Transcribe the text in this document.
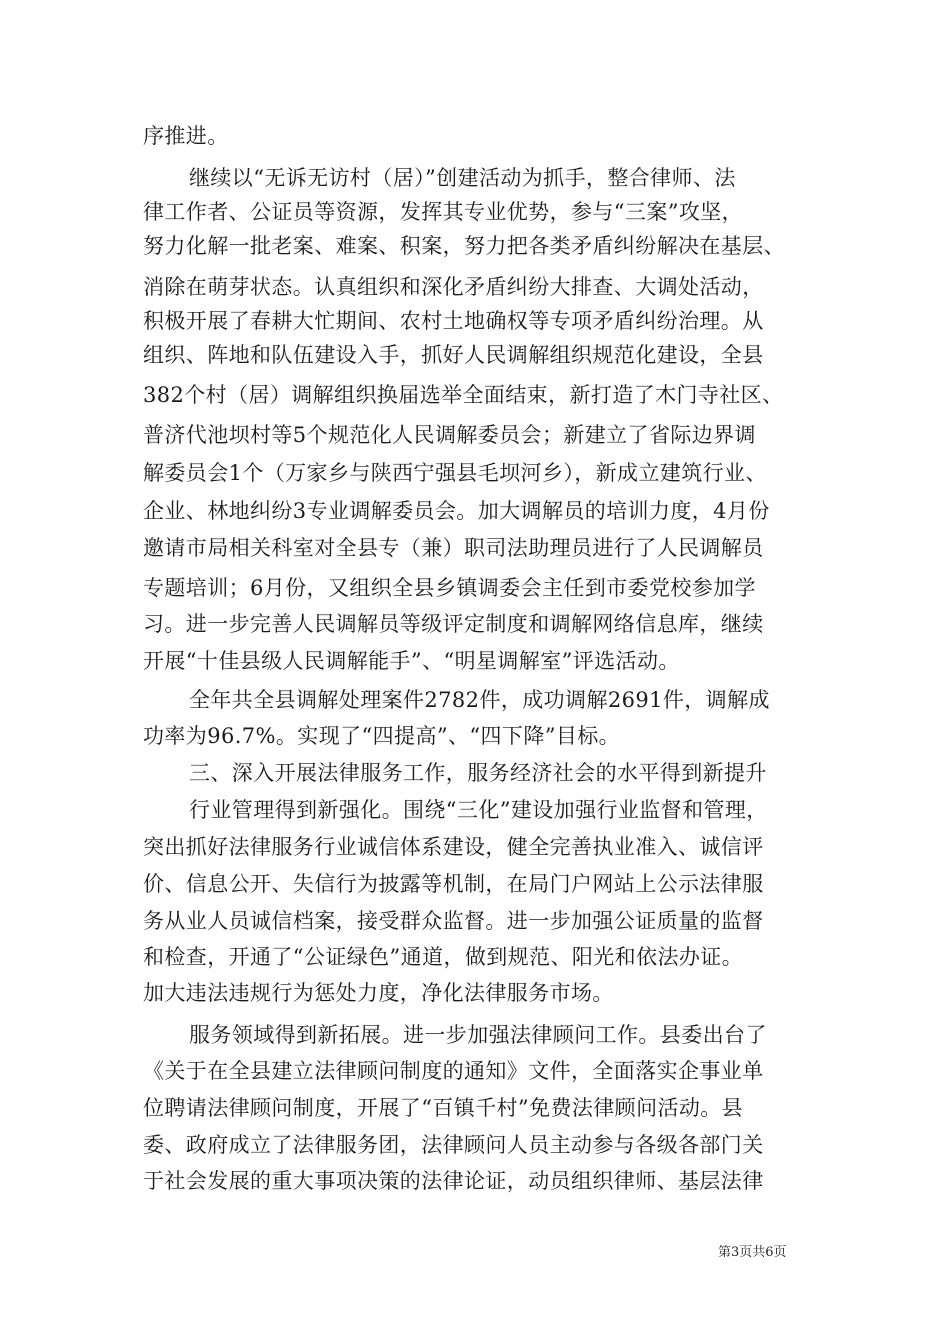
序推进。
继续以“无诉无访村（居）”创建活动为抓手，整合律师、法
律工作者、公证员等资源，发挥其专业优势，参与“三案”攻坚，
努力化解一批老案、难案、积案，努力把各类矛盾纠纷解决在基层、
消除在萌芽状态。认真组织和深化矛盾纠纷大排查、大调处活动，
积极开展了春耕大忙期间、农村土地确权等专项矛盾纠纷治理。从
组织、阵地和队伍建设入手，抓好人民调解组织规范化建设，全县
382个村（居）调解组织换届选举全面结束，新打造了木门寺社区、
普济代池坝村等5个规范化人民调解委员会；新建立了省际边界调
解委员会1个（万家乡与陕西宁强县毛坝河乡），新成立建筑行业、
企业、林地纠纷3专业调解委员会。加大调解员的培训力度，4月份
邀请市局相关科室对全县专（兼）职司法助理员进行了人民调解员
专题培训；6月份，又组织全县乡镇调委会主任到市委党校参加学
习。进一步完善人民调解员等级评定制度和调解网络信息库，继续
开展“十佳县级人民调解能手”、“明星调解室”评选活动。
全年共全县调解处理案件2782件，成功调解2691件，调解成
功率为96.7%。实现了“四提高”、“四下降”目标。
三、深入开展法律服务工作，服务经济社会的水平得到新提升
行业管理得到新强化。围绕“三化”建设加强行业监督和管理，
突出抓好法律服务行业诚信体系建设，健全完善执业准入、诚信评
价、信息公开、失信行为披露等机制，在局门户网站上公示法律服
务从业人员诚信档案，接受群众监督。进一步加强公证质量的监督
和检查，开通了“公证绿色”通道，做到规范、阳光和依法办证。
加大违法违规行为惩处力度，净化法律服务市场。
服务领域得到新拓展。进一步加强法律顾问工作。县委出台了
《关于在全县建立法律顾问制度的通知》文件，全面落实企事业单
位聘请法律顾问制度，开展了“百镇千村”免费法律顾问活动。县
委、政府成立了法律服务团，法律顾问人员主动参与各级各部门关
于社会发展的重大事项决策的法律论证，动员组织律师、基层法律
第3页共6页
